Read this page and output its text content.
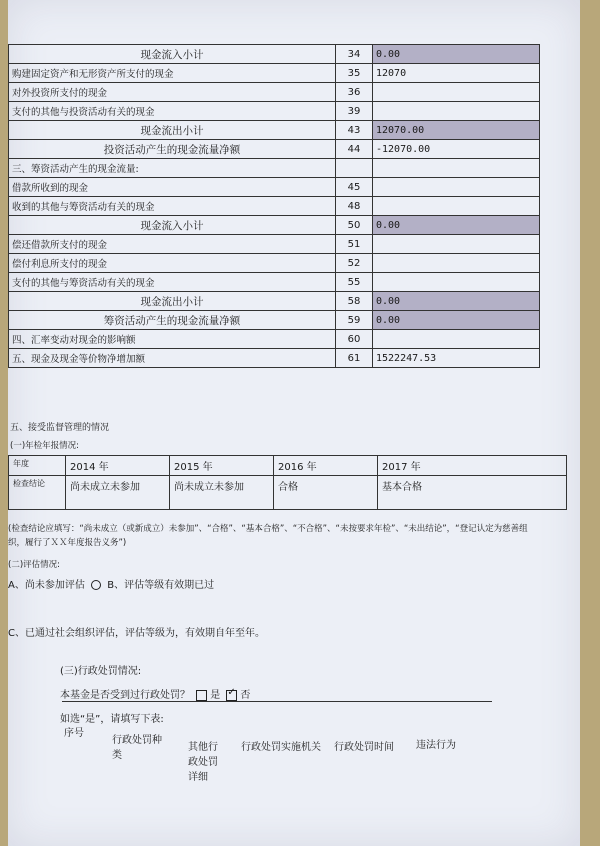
现金流入小计	34	0.00
购建固定资产和无形资产所支付的现金	35	12070
对外投资所支付的现金	36	
支付的其他与投资活动有关的现金	39	
现金流出小计	43	12070.00
投资活动产生的现金流量净额	44	-12070.00
三、筹资活动产生的现金流量:		
借款所收到的现金	45	
收到的其他与筹资活动有关的现金	48	
现金流入小计	50	0.00
偿还借款所支付的现金	51	
偿付利息所支付的现金	52	
支付的其他与筹资活动有关的现金	55	
现金流出小计	58	0.00
筹资活动产生的现金流量净额	59	0.00
四、汇率变动对现金的影响额	60	
五、现金及现金等价物净增加额	61	1522247.53
五、接受监督管理的情况
(一)年检年报情况:
年度	2014 年	2015 年	2016 年	2017 年
检查结论	尚未成立未参加	尚未成立未参加	合格	基本合格
(检查结论应填写：“尚未成立（或新成立）未参加”、“合格”、“基本合格”、“不合格”、“未按要求年检”、“未出结论”，“登记认定为慈善组织，履行了ＸＸ年度报告义务”)
(二)评估情况:
A、尚未参加评估 B、评估等级有效期已过
C、已通过社会组织评估，评估等级为，有效期自年至年。
(三)行政处罚情况:
本基金是否受到过行政处罚？ 是 ✓ 否
如选“是”，请填写下表:
序号
行政处罚种类
其他行政处罚详细
行政处罚实施机关 行政处罚时间 违法行为
